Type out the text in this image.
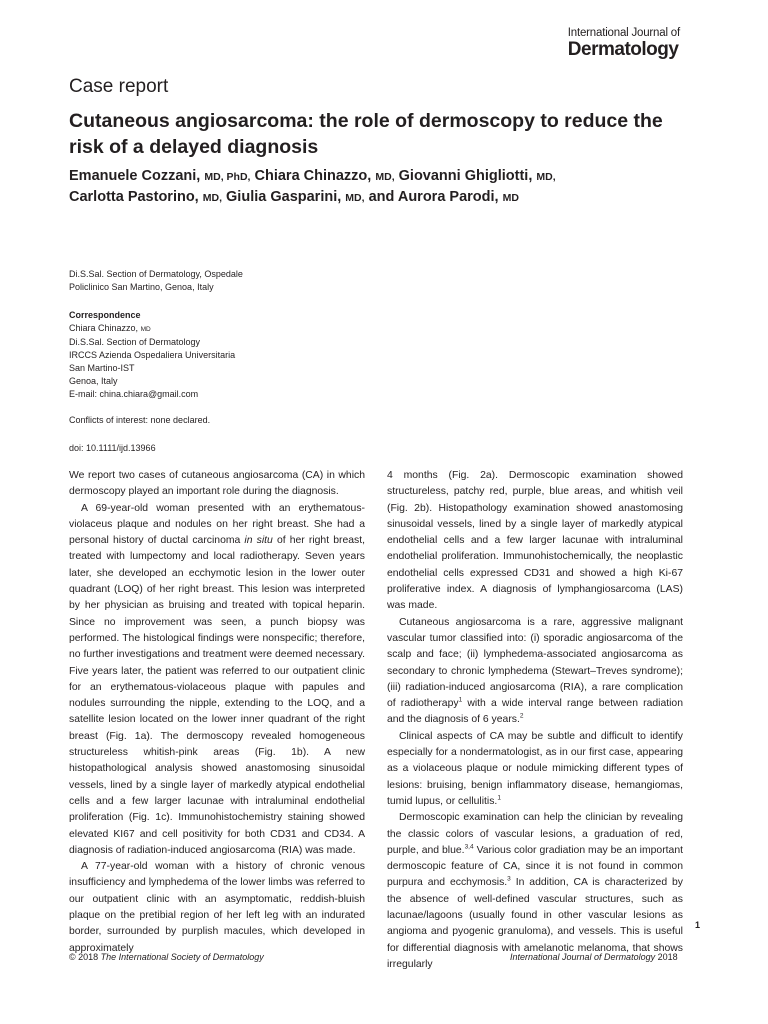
International Journal of
Dermatology
Case report
Cutaneous angiosarcoma: the role of dermoscopy to reduce the risk of a delayed diagnosis
Emanuele Cozzani, MD, PhD, Chiara Chinazzo, MD, Giovanni Ghigliotti, MD,
Carlotta Pastorino, MD, Giulia Gasparini, MD, and Aurora Parodi, MD
Di.S.Sal. Section of Dermatology, Ospedale
Policlinico San Martino, Genoa, Italy
Correspondence
Chiara Chinazzo, MD
Di.S.Sal. Section of Dermatology
IRCCS Azienda Ospedaliera Universitaria
San Martino-IST
Genoa, Italy
E-mail: china.chiara@gmail.com
Conflicts of interest: none declared.
doi: 10.1111/ijd.13966

We report two cases of cutaneous angiosarcoma (CA) in which dermoscopy played an important role during the diagnosis.

A 69-year-old woman presented with an erythematous-violaceus plaque and nodules on her right breast. She had a personal history of ductal carcinoma in situ of her right breast, treated with lumpectomy and local radiotherapy. Seven years later, she developed an ecchymotic lesion in the lower outer quadrant (LOQ) of her right breast. This lesion was interpreted by her physician as bruising and treated with topical heparin. Since no improvement was seen, a punch biopsy was performed. The histological findings were nonspecific; therefore, no further investigations and treatment were deemed necessary. Five years later, the patient was referred to our outpatient clinic for an erythematous-violaceous plaque with papules and nodules surrounding the nipple, extending to the LOQ, and a satellite lesion located on the lower inner quadrant of the right breast (Fig. 1a). The dermoscopy revealed homogeneous structureless whitish-pink areas (Fig. 1b). A new histopathological analysis showed anastomosing sinusoidal vessels, lined by a single layer of markedly atypical endothelial cells and a few larger lacunae with intraluminal endothelial proliferation (Fig. 1c). Immunohistochemistry staining showed elevated KI67 and cell positivity for both CD31 and CD34. A diagnosis of radiation-induced angiosarcoma (RIA) was made.

A 77-year-old woman with a history of chronic venous insufficiency and lymphedema of the lower limbs was referred to our outpatient clinic with an asymptomatic, reddish-bluish plaque on the pretibial region of her left leg with an indurated border, surrounded by purplish macules, which developed in approximately

4 months (Fig. 2a). Dermoscopic examination showed structureless, patchy red, purple, blue areas, and whitish veil (Fig. 2b). Histopathology examination showed anastomosing sinusoidal vessels, lined by a single layer of markedly atypical endothelial cells and a few larger lacunae with intraluminal endothelial proliferation. Immunohistochemically, the neoplastic endothelial cells expressed CD31 and showed a high Ki-67 proliferative index. A diagnosis of lymphangiosarcoma (LAS) was made.

Cutaneous angiosarcoma is a rare, aggressive malignant vascular tumor classified into: (i) sporadic angiosarcoma of the scalp and face; (ii) lymphedema-associated angiosarcoma as secondary to chronic lymphedema (Stewart–Treves syndrome); (iii) radiation-induced angiosarcoma (RIA), a rare complication of radiotherapy$^1$ with a wide interval range between radiation and the diagnosis of 6 years.$^2$

Clinical aspects of CA may be subtle and difficult to identify especially for a nondermatologist, as in our first case, appearing as a violaceous plaque or nodule mimicking different types of lesions: bruising, benign inflammatory disease, hemangiomas, tumid lupus, or cellulitis.$^1$

Dermoscopic examination can help the clinician by revealing the classic colors of vascular lesions, a graduation of red, purple, and blue.$^{3,4}$ Various color gradiation may be an important dermoscopic feature of CA, since it is not found in common purpura and ecchymosis.$^3$ In addition, CA is characterized by the absence of well-defined vascular structures, such as lacunae/lagoons (usually found in other vascular lesions as angioma and pyogenic granuloma), and vessels. This is useful for differential diagnosis with amelanotic melanoma, that shows irregularly

1
© 2018 The International Society of Dermatology	International Journal of Dermatology 2018
